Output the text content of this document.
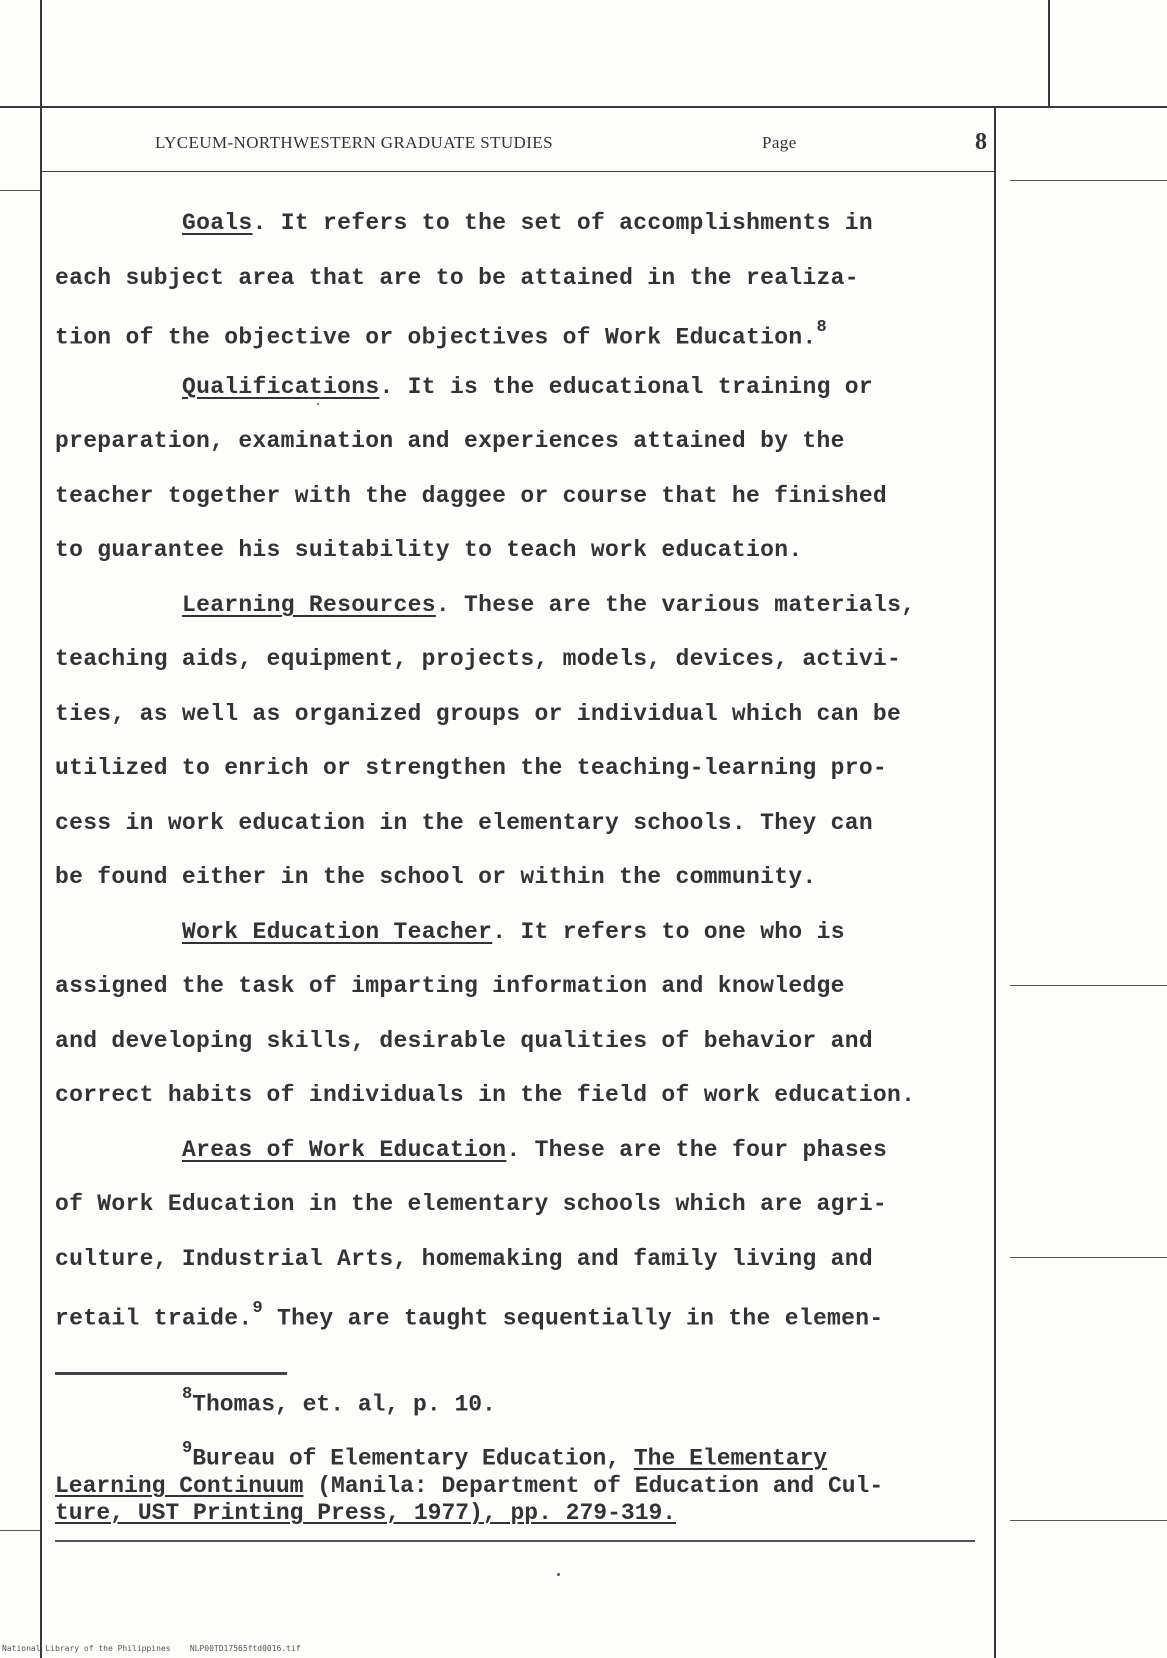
LYCEUM-NORTHWESTERN GRADUATE STUDIES	Page	8
Goals. It refers to the set of accomplishments in
each subject area that are to be attained in the realiza-
tion of the objective or objectives of Work Education.$^8$
Qualifications. It is the educational training or
preparation, examination and experiences attained by the
teacher together with the daggee or course that he finished
to guarantee his suitability to teach work education.
Learning Resources. These are the various materials,
teaching aids, equipment, projects, models, devices, activi-
ties, as well as organized groups or individual which can be
utilized to enrich or strengthen the teaching-learning pro-
cess in work education in the elementary schools. They can
be found either in the school or within the community.
Work Education Teacher. It refers to one who is
assigned the task of imparting information and knowledge
and developing skills, desirable qualities of behavior and
correct habits of individuals in the field of work education.
Areas of Work Education. These are the four phases
of Work Education in the elementary schools which are agri-
culture, Industrial Arts, homemaking and family living and
retail traide.$^9$ They are taught sequentially in the elemen-
$^8$Thomas, et. al, p. 10.
$^9$Bureau of Elementary Education, The Elementary
Learning Continuum (Manila: Department of Education and Cul-
ture, UST Printing Press, 1977), pp. 279-319.
National Library of the Philippines    NLP00TD17565ftd0016.tif
